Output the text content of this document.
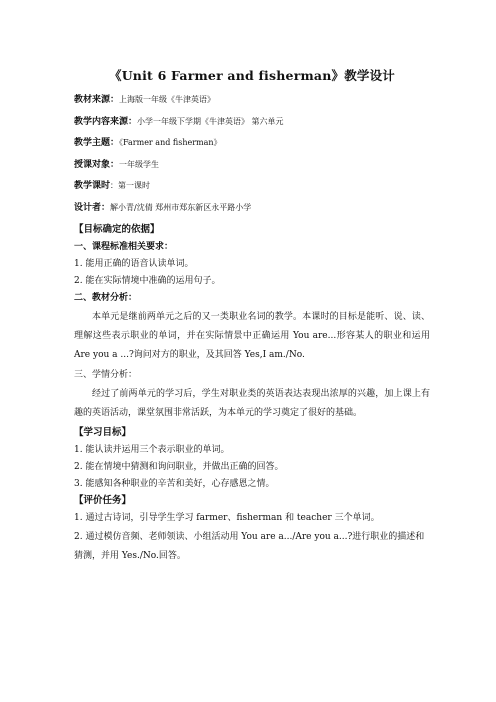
《Unit 6 Farmer and fisherman》教学设计
教材来源：上海版一年级《牛津英语》
教学内容来源：小学一年级下学期《牛津英语》 第六单元
教学主题：《Farmer and fisherman》
授课对象：一年级学生
教学课时：第一课时
设计者：解小青/沈倩 郑州市郑东新区永平路小学
【目标确定的依据】
一、课程标准相关要求：
1. 能用正确的语音认读单词。
2. 能在实际情境中准确的运用句子。
二、教材分析：
本单元是继前两单元之后的又一类职业名词的教学。本课时的目标是能听、说、读、理解这些表示职业的单词，并在实际情景中正确运用 You are...形容某人的职业和运用 Are you a ...?询问对方的职业，及其回答 Yes,I am./No.
三、学情分析：
经过了前两单元的学习后，学生对职业类的英语表达表现出浓厚的兴趣，加上课上有趣的英语活动，课堂氛围非常活跃，为本单元的学习奠定了很好的基础。
【学习目标】
1. 能认读并运用三个表示职业的单词。
2. 能在情境中猜测和询问职业，并做出正确的回答。
3. 能感知各种职业的辛苦和美好，心存感恩之情。
【评价任务】
1. 通过古诗词，引导学生学习 farmer、fisherman 和 teacher 三个单词。
2. 通过模仿音频、老师领读、小组活动用 You are a.../Are you a...?进行职业的描述和猜测，并用 Yes./No.回答。
